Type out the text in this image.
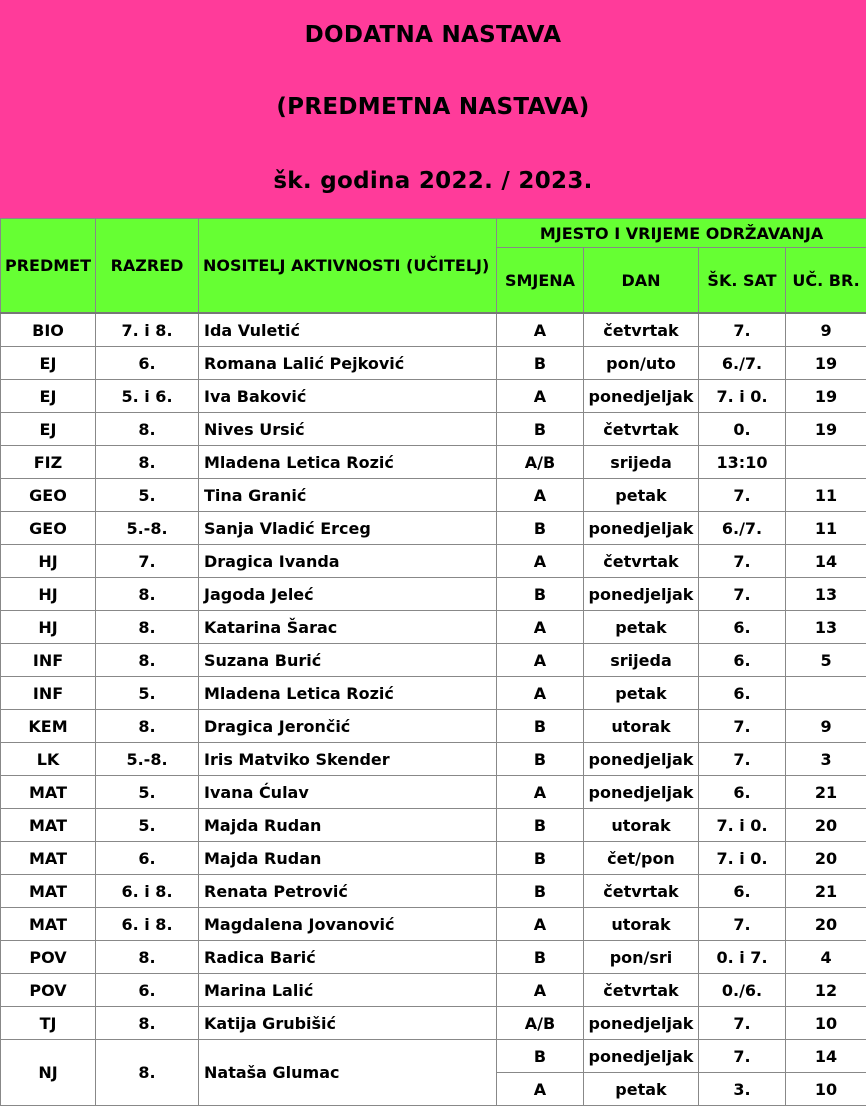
DODATNA NASTAVA
(PREDMETNA NASTAVA)
šk. godina 2022. / 2023.
PREDMET	RAZRED	NOSITELJ AKTIVNOSTI (UČITELJ)	MJESTO I VRIJEME ODRŽAVANJA			
			SMJENA	DAN	ŠK. SAT	UČ. BR.
BIO	7. i 8.	Ida Vuletić	A	četvrtak	7.	9
EJ	6.	Romana Lalić Pejković	B	pon/uto	6./7.	19
EJ	5. i 6.	Iva Baković	A	ponedjeljak	7. i 0.	19
EJ	8.	Nives Ursić	B	četvrtak	0.	19
FIZ	8.	Mladena Letica Rozić	A/B	srijeda	13:10	
GEO	5.	Tina Granić	A	petak	7.	11
GEO	5.-8.	Sanja Vladić Erceg	B	ponedjeljak	6./7.	11
HJ	7.	Dragica Ivanda	A	četvrtak	7.	14
HJ	8.	Jagoda Jeleć	B	ponedjeljak	7.	13
HJ	8.	Katarina Šarac	A	petak	6.	13
INF	8.	Suzana Burić	A	srijeda	6.	5
INF	5.	Mladena Letica Rozić	A	petak	6.	
KEM	8.	Dragica Jerončić	B	utorak	7.	9
LK	5.-8.	Iris Matviko Skender	B	ponedjeljak	7.	3
MAT	5.	Ivana Ćulav	A	ponedjeljak	6.	21
MAT	5.	Majda Rudan	B	utorak	7. i 0.	20
MAT	6.	Majda Rudan	B	čet/pon	7. i 0.	20
MAT	6. i 8.	Renata Petrović	B	četvrtak	6.	21
MAT	6. i 8.	Magdalena Jovanović	A	utorak	7.	20
POV	8.	Radica Barić	B	pon/sri	0. i 7.	4
POV	6.	Marina Lalić	A	četvrtak	0./6.	12
TJ	8.	Katija Grubišić	A/B	ponedjeljak	7.	10
NJ	8.	Nataša Glumac	B	ponedjeljak	7.	14
			A	petak	3.	10
